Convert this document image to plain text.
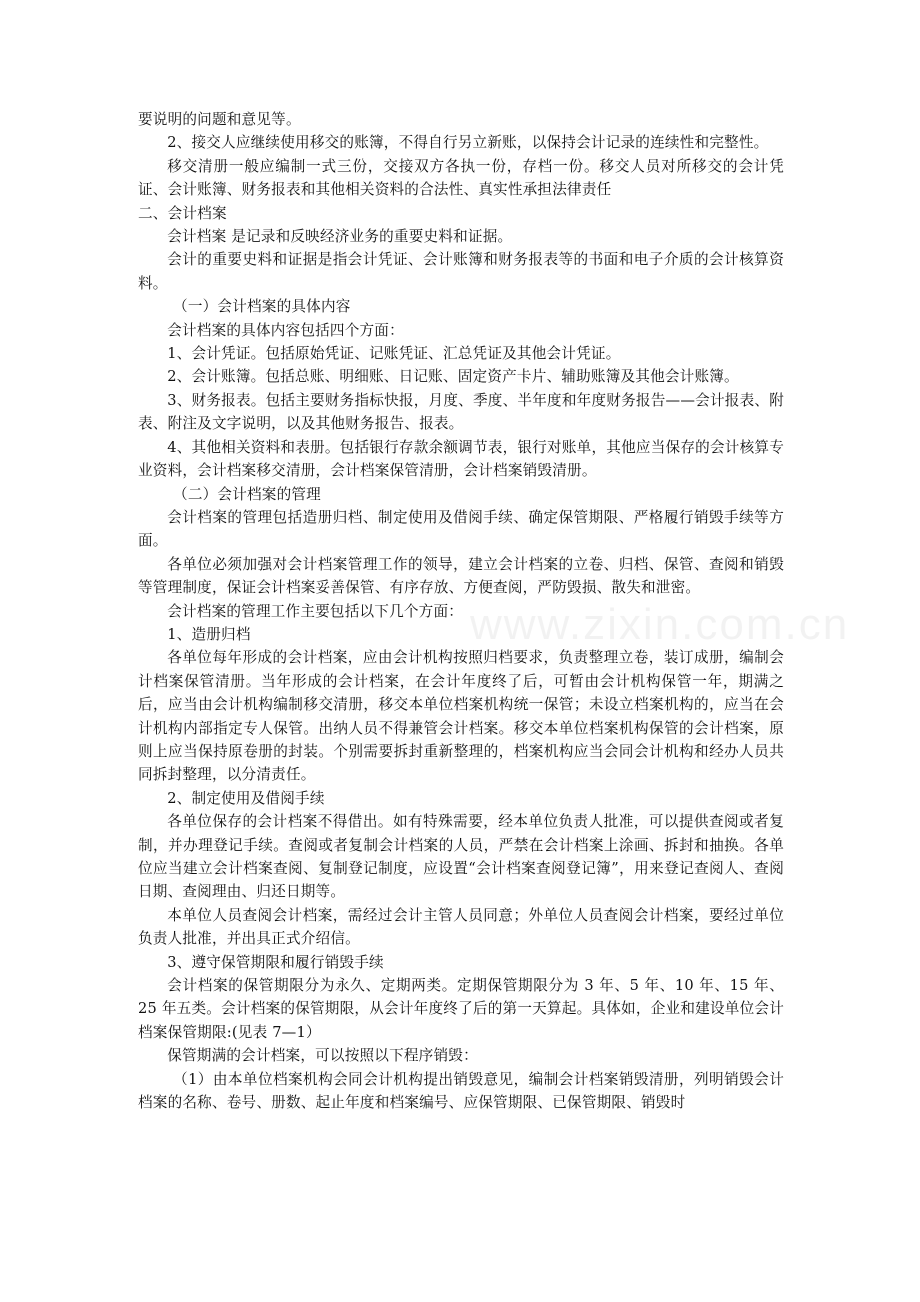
www.zixin.com.cn

要说明的问题和意见等。

2、接交人应继续使用移交的账簿，不得自行另立新账，以保持会计记录的连续性和完整性。

移交清册一般应编制一式三份，交接双方各执一份，存档一份。移交人员对所移交的会计凭证、会计账簿、财务报表和其他相关资料的合法性、真实性承担法律责任

二、会计档案

会计档案 是记录和反映经济业务的重要史料和证据。

会计的重要史料和证据是指会计凭证、会计账簿和财务报表等的书面和电子介质的会计核算资料。

（一）会计档案的具体内容

会计档案的具体内容包括四个方面：

1、会计凭证。包括原始凭证、记账凭证、汇总凭证及其他会计凭证。

2、会计账簿。包括总账、明细账、日记账、固定资产卡片、辅助账簿及其他会计账簿。

3、财务报表。包括主要财务指标快报，月度、季度、半年度和年度财务报告——会计报表、附表、附注及文字说明，以及其他财务报告、报表。

4、其他相关资料和表册。包括银行存款余额调节表，银行对账单，其他应当保存的会计核算专业资料，会计档案移交清册，会计档案保管清册，会计档案销毁清册。

（二）会计档案的管理

会计档案的管理包括造册归档、制定使用及借阅手续、确定保管期限、严格履行销毁手续等方面。

各单位必须加强对会计档案管理工作的领导，建立会计档案的立卷、归档、保管、查阅和销毁等管理制度，保证会计档案妥善保管、有序存放、方便查阅，严防毁损、散失和泄密。

会计档案的管理工作主要包括以下几个方面：

1、造册归档

各单位每年形成的会计档案，应由会计机构按照归档要求，负责整理立卷，装订成册，编制会计档案保管清册。当年形成的会计档案，在会计年度终了后，可暂由会计机构保管一年，期满之后，应当由会计机构编制移交清册，移交本单位档案机构统一保管；未设立档案机构的，应当在会计机构内部指定专人保管。出纳人员不得兼管会计档案。移交本单位档案机构保管的会计档案，原则上应当保持原卷册的封装。个别需要拆封重新整理的，档案机构应当会同会计机构和经办人员共同拆封整理，以分清责任。

2、制定使用及借阅手续

各单位保存的会计档案不得借出。如有特殊需要，经本单位负责人批准，可以提供查阅或者复制，并办理登记手续。查阅或者复制会计档案的人员，严禁在会计档案上涂画、拆封和抽换。各单位应当建立会计档案查阅、复制登记制度，应设置“会计档案查阅登记簿”，用来登记查阅人、查阅日期、查阅理由、归还日期等。

本单位人员查阅会计档案，需经过会计主管人员同意；外单位人员查阅会计档案，要经过单位负责人批准，并出具正式介绍信。

3、遵守保管期限和履行销毁手续

会计档案的保管期限分为永久、定期两类。定期保管期限分为 3 年、5 年、10 年、15 年、25 年五类。会计档案的保管期限，从会计年度终了后的第一天算起。具体如，企业和建设单位会计档案保管期限:(见表 7—1）

保管期满的会计档案，可以按照以下程序销毁：

（1）由本单位档案机构会同会计机构提出销毁意见，编制会计档案销毁清册，列明销毁会计档案的名称、卷号、册数、起止年度和档案编号、应保管期限、已保管期限、销毁时
